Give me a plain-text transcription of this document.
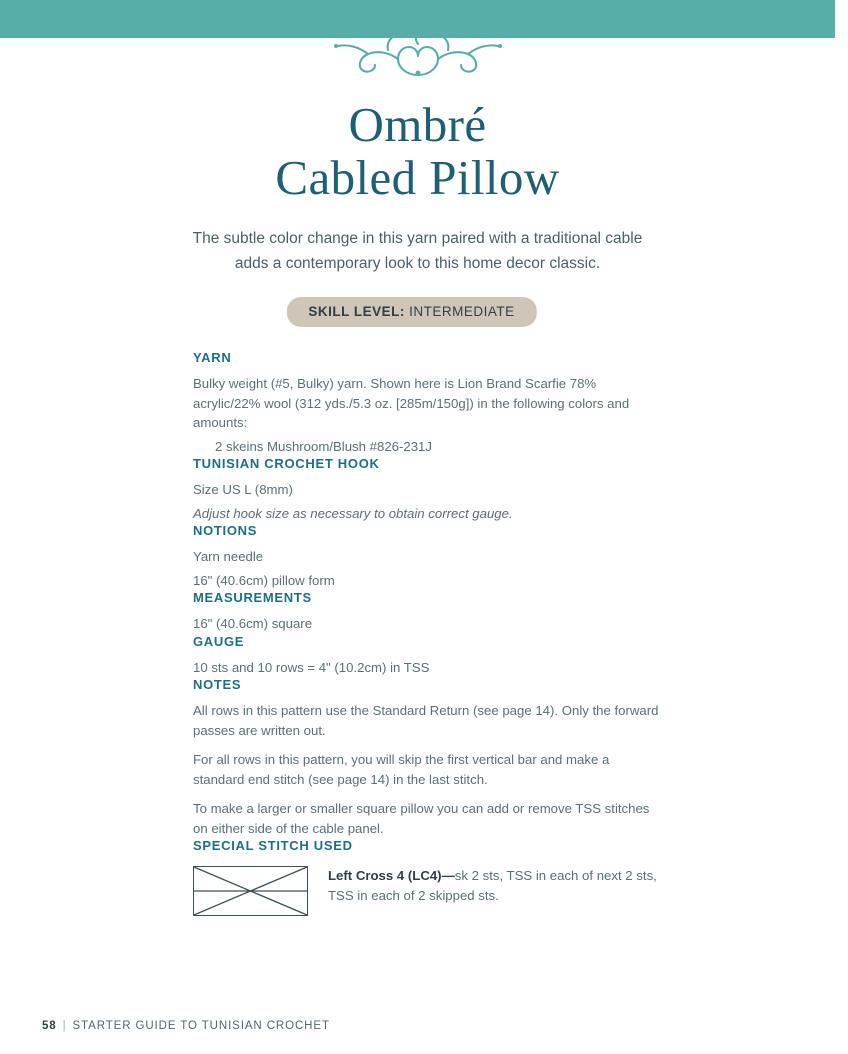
Ombré
Cabled Pillow
The subtle color change in this yarn paired with a traditional cable adds a contemporary look to this home decor classic.
SKILL LEVEL: INTERMEDIATE
YARN

Bulky weight (#5, Bulky) yarn. Shown here is Lion Brand Scarfie 78% acrylic/22% wool (312 yds./5.3 oz. [285m/150g]) in the following colors and amounts:

2 skeins Mushroom/Blush #826-231J

TUNISIAN CROCHET HOOK

Size US L (8mm)

Adjust hook size as necessary to obtain correct gauge.

NOTIONS

Yarn needle

16" (40.6cm) pillow form

MEASUREMENTS

16" (40.6cm) square

GAUGE

10 sts and 10 rows = 4" (10.2cm) in TSS

NOTES

All rows in this pattern use the Standard Return (see page 14). Only the forward passes are written out.

For all rows in this pattern, you will skip the first vertical bar and make a standard end stitch (see page 14) in the last stitch.

To make a larger or smaller square pillow you can add or remove TSS stitches on either side of the cable panel.

SPECIAL STITCH USED
Left Cross 4 (LC4)—sk 2 sts, TSS in each of next 2 sts, TSS in each of 2 skipped sts.
58 | STARTER GUIDE TO TUNISIAN CROCHET
